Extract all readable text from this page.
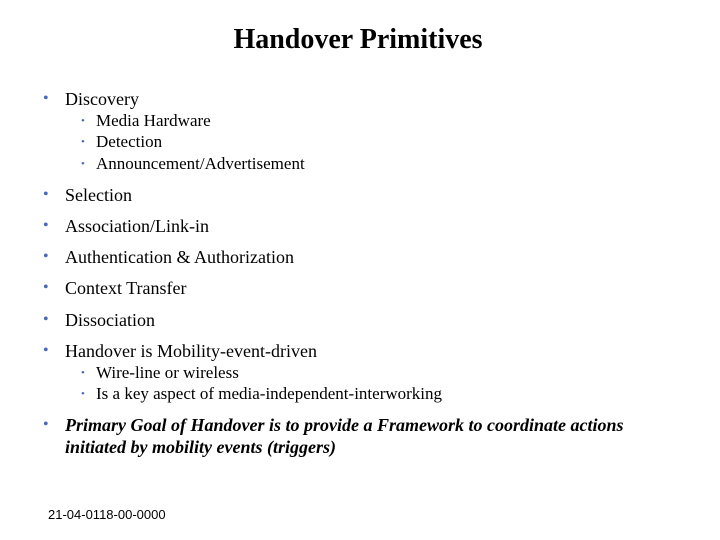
Handover Primitives
• Discovery
• Media Hardware
• Detection
• Announcement/Advertisement
• Selection
• Association/Link-in
• Authentication & Authorization
• Context Transfer
• Dissociation
• Handover is Mobility-event-driven
• Wire-line or wireless
• Is a key aspect of media-independent-interworking
• Primary Goal of Handover is to provide a Framework to coordinate actions initiated by mobility events (triggers)
21-04-0118-00-0000
